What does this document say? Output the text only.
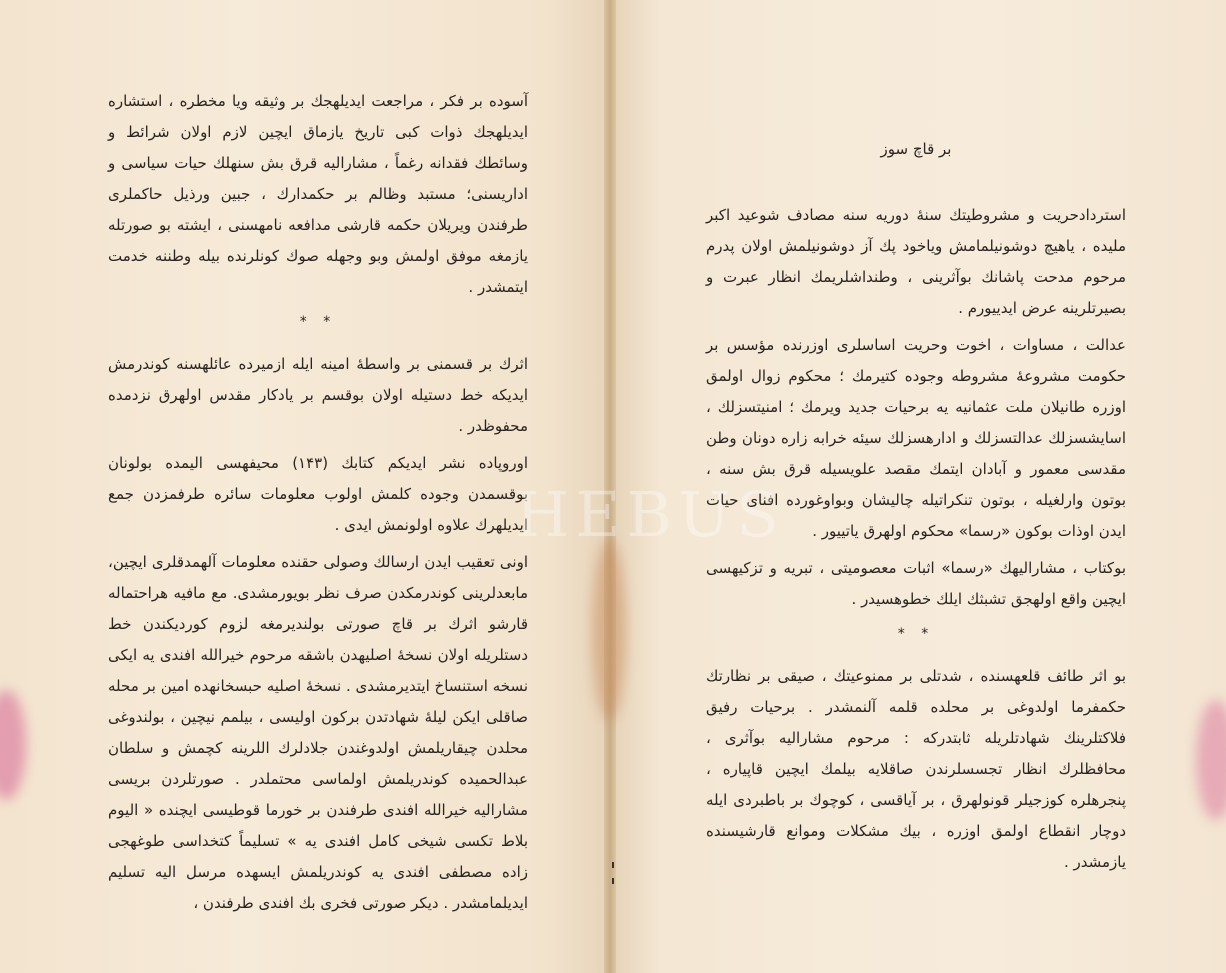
آسوده بر فکر ، مراجعت ایدیلهجك بر وثیقه ویا مخطره ، استشاره ایدیلهجك ذوات کبی تاریخ یازماق ایچین لازم اولان شرائط و وسائطك فقدانه رغماً ، مشارالیه قرق بش سنهلك حیات سیاسی و اداریسنی؛ مستبد وظالم بر حکمدارك ، جبین ورذیل حاکملری طرفندن ویریلان حکمه قارشی مدافعه نامهسنی ، ایشته بو صورتله یازمغه موفق اولمش وبو وجهله صوك کونلرنده بیله وطننه خدمت ایتمشدر .

* *

اثرك بر قسمنی بر واسطهٔ امینه ایله ازمیرده عائلهسنه کوندرمش ایدیکه خط دستیله اولان بوقسم بر یادکار مقدس اولهرق نزدمده محفوظدر .

اوروپاده نشر ایدیکم کتابك (۱۴۳) محیفهسی الیمده بولونان بوقسمدن وجوده کلمش اولوب معلومات سائره طرفمزدن جمع ایدیلهرك علاوه اولونمش ایدی .

اونی تعقیب ایدن ارسالك وصولی حقنده معلومات آلهمدقلری ایچین، مابعدلرینی کوندرمکدن صرف نظر بویورمشدی. مع مافیه هراحتماله قارشو اثرك بر قاچ صورتی بولندیرمغه لزوم کوردیکندن خط دستلریله اولان نسخهٔ اصلیهدن باشقه مرحوم خیرالله افندی یه ایکی نسخه استنساخ ایتدیرمشدی . نسخهٔ اصلیه حبسخانهده امین بر محله صاقلی ایکن لیلهٔ شهادتدن برکون اولیسی ، بیلمم نیچین ، بولندوغی محلدن چیقاریلمش اولدوغندن جلادلرك اللرینه کچمش و سلطان عبدالحمیده کوندریلمش اولماسی محتملدر . صورتلردن بریسی مشارالیه خیرالله افندی طرفندن بر خورما قوطیسی ایچنده « الیوم بلاط تکسی شیخی کامل افندی یه » تسلیماً کتخداسی طوغهجی زاده مصطفی افندی یه کوندریلمش ایسهده مرسل الیه تسلیم ایدیلمامشدر . دیکر صورتی فخری بك افندی طرفندن ،

بر قاچ سوز

استردادحریت و مشروطیتك سنهٔ دوریه سنه مصادف شوعید اکبر ملیده ، یاهیچ دوشونیلمامش ویاخود پك آز دوشونیلمش اولان پدرم مرحوم مدحت پاشانك بوآثرینی ، وطنداشلریمك انظار عبرت و بصیرتلرینه عرض ایدییورم .

عدالت ، مساوات ، اخوت وحریت اساسلری اوزرنده مؤسس بر حکومت مشروعهٔ مشروطه وجوده کتیرمك ؛ محکوم زوال اولمق اوزره طانیلان ملت عثمانیه یه برحیات جدید ویرمك ؛ امنیتسزلك ، اسایشسزلك عدالتسزلك و ادارهسزلك سیئه خرابه زاره دونان وطن مقدسی معمور و آبادان ایتمك مقصد علویسیله قرق بش سنه ، بوتون وارلغیله ، بوتون تنکراتیله چالیشان وبواوغورده افنای حیات ایدن اوذات بوکون «رسما» محکوم اولهرق یاتییور .

بوکتاب ، مشارالیهك «رسما» اثبات معصومیتی ، تبریه و تزکیهسی ایچین واقع اولهجق تشبثك ایلك خطوهسیدر .

* *

بو اثر طائف قلعهسنده ، شدتلی بر ممنوعیتك ، صیقی بر نظارتك حکمفرما اولدوغی بر محلده قلمه آلنمشدر . برحیات رفیق فلاکتلرینك شهادتلریله ثابتدرکه : مرحوم مشارالیه بوآثری ، محافظلرك انظار تجسسلرندن صاقلایه بیلمك ایچین قاپیاره ، پنجرهلره کوزجیلر قونولهرق ، بر آیاقسی ، کوچوك بر باطبردی ایله دوچار انقطاع اولمق اوزره ، بیك مشکلات وموانع قارشیسنده یازمشدر .

HEBUS
